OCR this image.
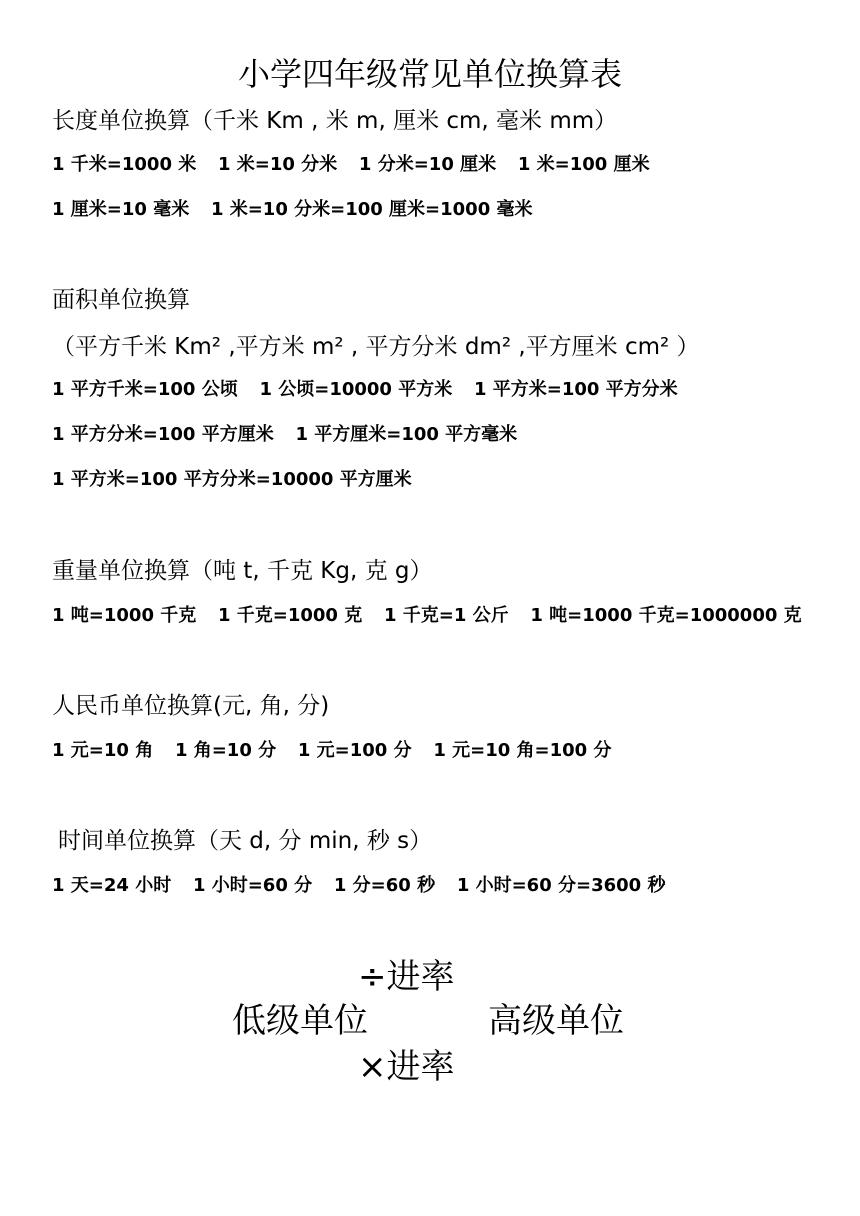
小学四年级常见单位换算表
长度单位换算（千米 Km , 米 m, 厘米 cm, 毫米 mm）
1 千米=1000 米 1 米=10 分米 1 分米=10 厘米 1 米=100 厘米
1 厘米=10 毫米 1 米=10 分米=100 厘米=1000 毫米
面积单位换算
（平方千米 Km² ,平方米 m² , 平方分米 dm² ,平方厘米 cm² ）
1 平方千米=100 公顷 1 公顷=10000 平方米 1 平方米=100 平方分米
1 平方分米=100 平方厘米 1 平方厘米=100 平方毫米
1 平方米=100 平方分米=10000 平方厘米
重量单位换算（吨 t, 千克 Kg, 克 g）
1 吨=1000 千克 1 千克=1000 克 1 千克=1 公斤 1 吨=1000 千克=1000000 克
人民币单位换算(元, 角, 分)
1 元=10 角 1 角=10 分 1 元=100 分 1 元=10 角=100 分
时间单位换算（天 d, 分 min, 秒 s）
1 天=24 小时 1 小时=60 分 1 分=60 秒 1 小时=60 分=3600 秒
÷进率
低级单位	高级单位
×进率
